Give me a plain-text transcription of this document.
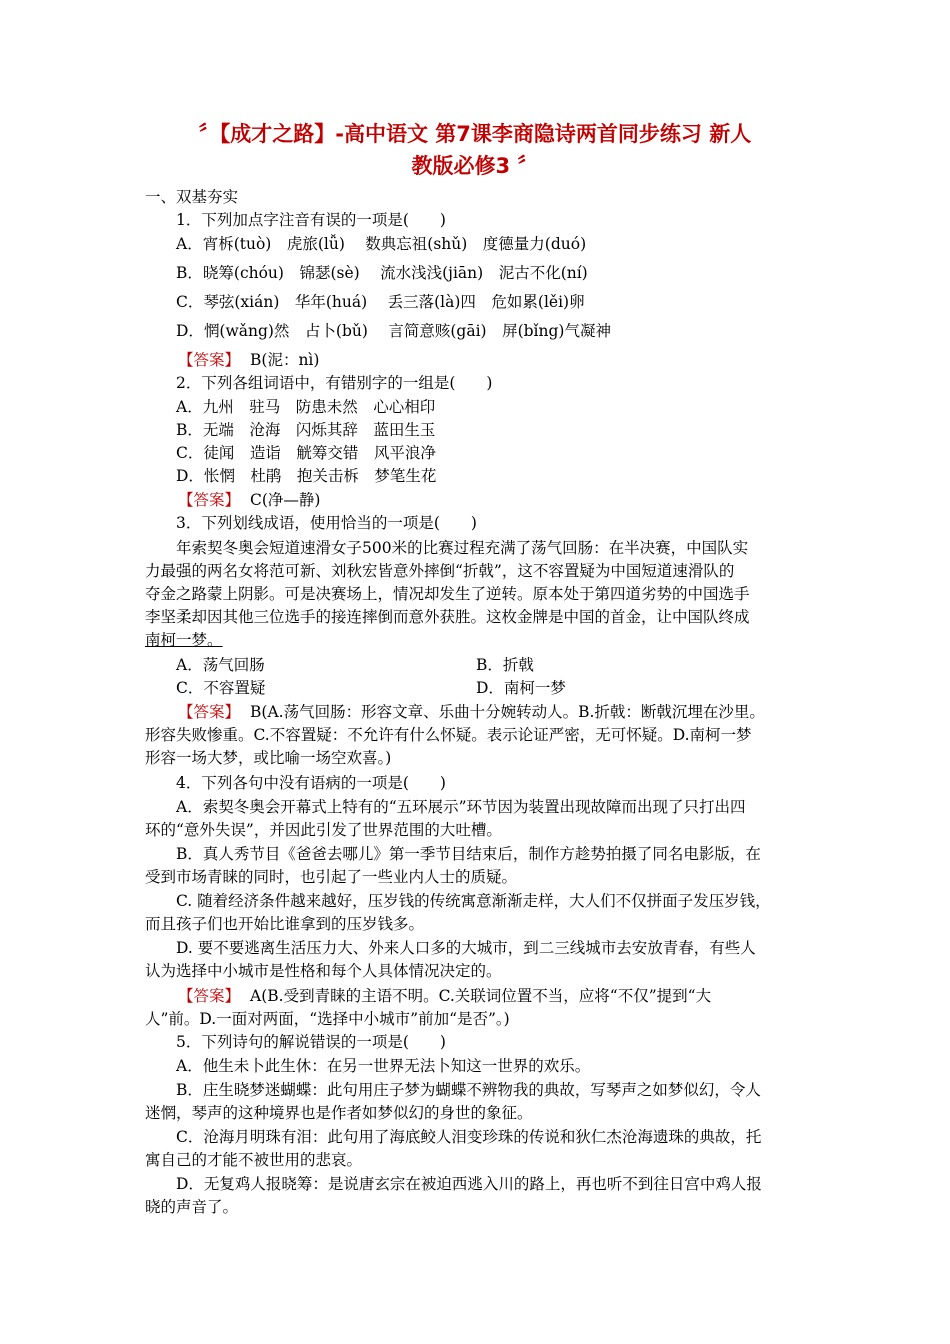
〞【成才之路】-高中语文 第7课李商隐诗两首同步练习 新人
教版必修3 〞
一、双基夯实
1．下列加点字注音有误的一项是(　　)
A．宵柝(tuò)　虎旅(lǚ)　 数典忘祖(shǔ)　度德量力(duó)
B．晓筹(chóu)　锦瑟(sè)　 流水浅浅(jiān)　泥古不化(ní)
C．琴弦(xián)　华年(huá)　 丢三落(là)四　危如累(lěi)卵
D．惘(wǎng)然　占卜(bǔ)　 言简意赅(gāi)　屏(bǐng)气凝神
【答案】 B(泥：nì)
2．下列各组词语中，有错别字的一组是(　　)
A．九州　驻马　防患未然　心心相印
B．无端　沧海　闪烁其辞　蓝田生玉
C．徒闻　造诣　觥筹交错　风平浪净
D．怅惘　杜鹃　抱关击柝　梦笔生花
【答案】 C(净—静)
3．下列划线成语，使用恰当的一项是(　　)
年索契冬奥会短道速滑女子500米的比赛过程充满了荡气回肠：在半决赛，中国队实
力最强的两名女将范可新、刘秋宏皆意外摔倒“折戟”，这不容置疑为中国短道速滑队的
夺金之路蒙上阴影。可是决赛场上，情况却发生了逆转。原本处于第四道劣势的中国选手
李坚柔却因其他三位选手的接连摔倒而意外获胜。这枚金牌是中国的首金，让中国队终成
南柯一梦。
A．荡气回肠	B．折戟
C．不容置疑	D．南柯一梦
【答案】 B(A.荡气回肠：形容文章、乐曲十分婉转动人。B.折戟：断戟沉埋在沙里。
形容失败惨重。C.不容置疑：不允许有什么怀疑。表示论证严密，无可怀疑。D.南柯一梦
形容一场大梦，或比喻一场空欢喜。)
4．下列各句中没有语病的一项是(　　)
A．索契冬奥会开幕式上特有的“五环展示”环节因为装置出现故障而出现了只打出四
环的“意外失误”，并因此引发了世界范围的大吐槽。
B．真人秀节目《爸爸去哪儿》第一季节目结束后，制作方趁势拍摄了同名电影版，在
受到市场青睐的同时，也引起了一些业内人士的质疑。
C. 随着经济条件越来越好，压岁钱的传统寓意渐渐走样，大人们不仅拼面子发压岁钱，
而且孩子们也开始比谁拿到的压岁钱多。
D. 要不要逃离生活压力大、外来人口多的大城市，到二三线城市去安放青春，有些人
认为选择中小城市是性格和每个人具体情况决定的。
【答案】 A(B.受到青睐的主语不明。C.关联词位置不当，应将“不仅”提到“大
人”前。D.一面对两面，“选择中小城市”前加“是否”。)
5．下列诗句的解说错误的一项是(　　)
A．他生未卜此生休：在另一世界无法卜知这一世界的欢乐。
B．庄生晓梦迷蝴蝶：此句用庄子梦为蝴蝶不辨物我的典故，写琴声之如梦似幻，令人
迷惘，琴声的这种境界也是作者如梦似幻的身世的象征。
C．沧海月明珠有泪：此句用了海底鲛人泪变珍珠的传说和狄仁杰沧海遗珠的典故，托
寓自己的才能不被世用的悲哀。
D．无复鸡人报晓筹：是说唐玄宗在被迫西逃入川的路上，再也听不到往日宫中鸡人报
晓的声音了。
